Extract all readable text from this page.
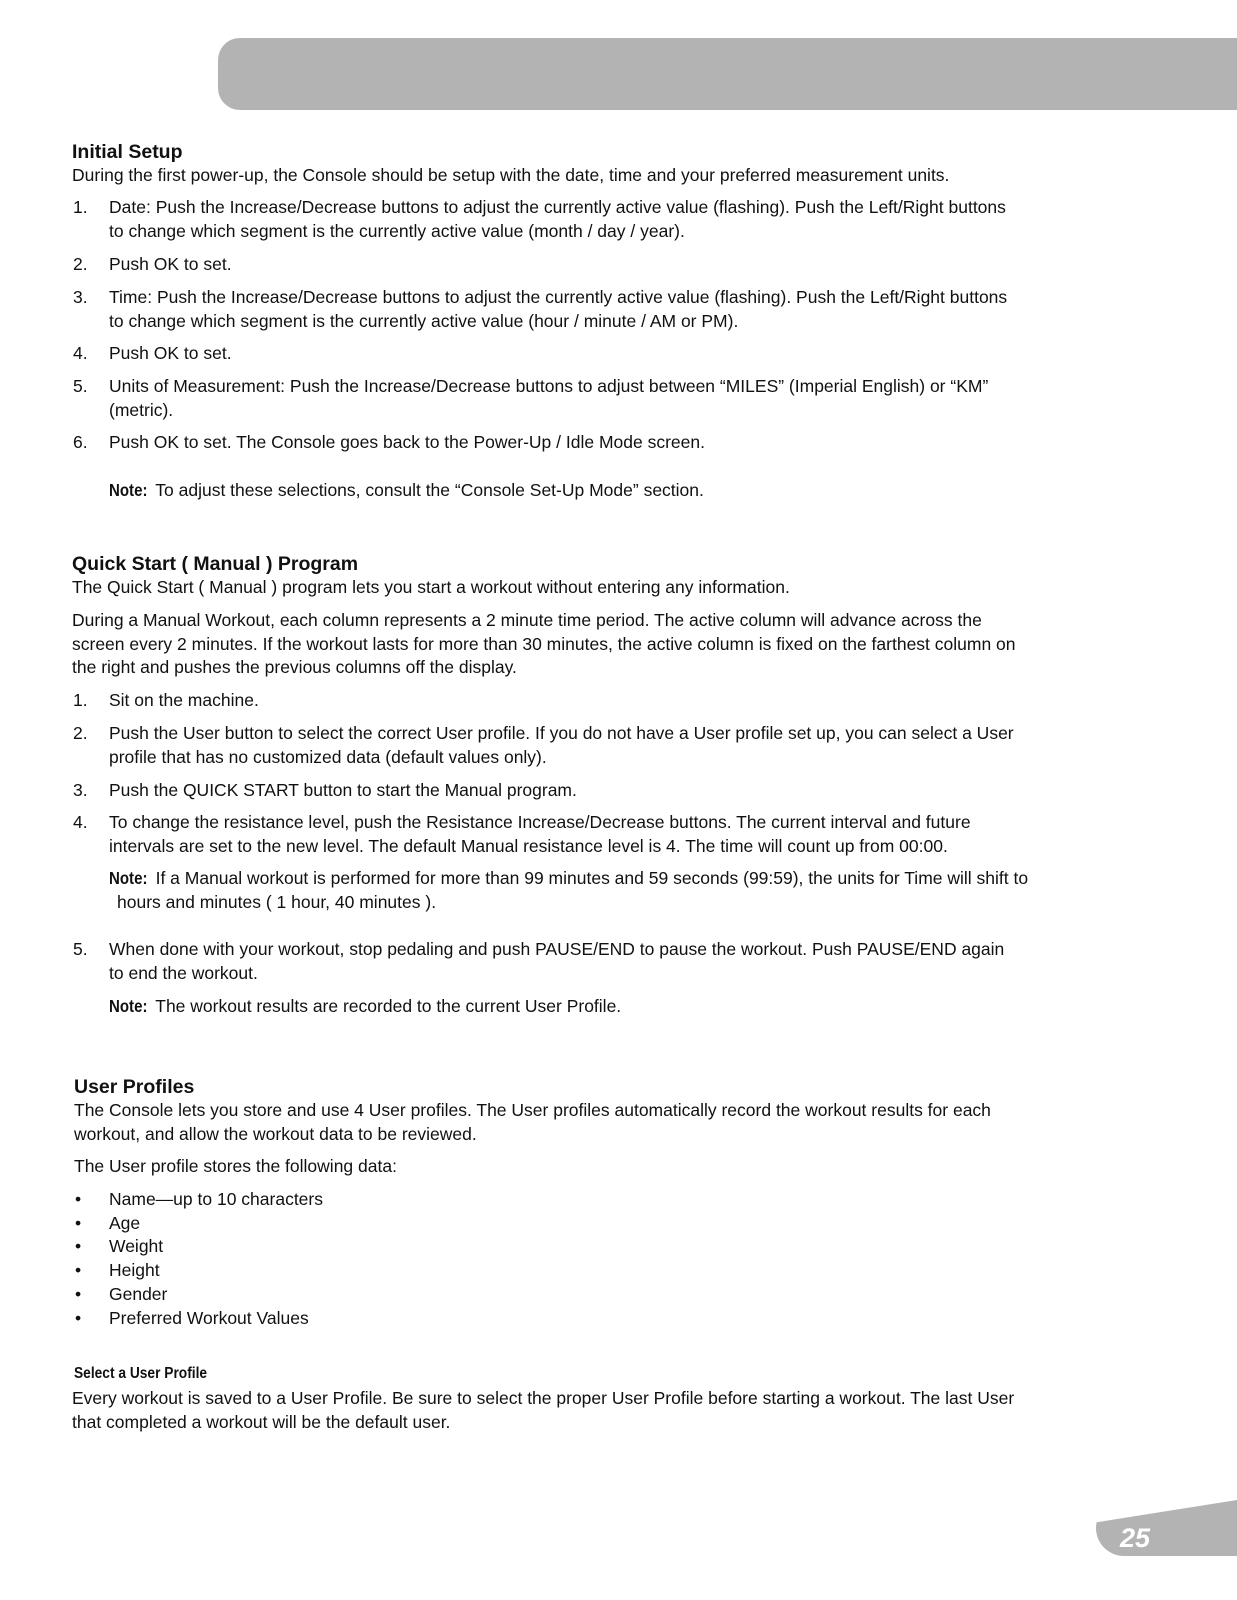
Initial Setup
During the first power-up, the Console should be setup with the date, time and your preferred measurement units.
1. Date: Push the Increase/Decrease buttons to adjust the currently active value (flashing). Push the Left/Right buttons
to change which segment is the currently active value (month / day / year).
2. Push OK to set.
3. Time: Push the Increase/Decrease buttons to adjust the currently active value (flashing). Push the Left/Right buttons
to change which segment is the currently active value (hour / minute / AM or PM).
4. Push OK to set.
5. Units of Measurement: Push the Increase/Decrease buttons to adjust between “MILES” (Imperial English) or “KM”
(metric).
6. Push OK to set. The Console goes back to the Power-Up / Idle Mode screen.
Note: To adjust these selections, consult the “Console Set-Up Mode” section.
Quick Start ( Manual ) Program
The Quick Start ( Manual ) program lets you start a workout without entering any information.
During a Manual Workout, each column represents a 2 minute time period. The active column will advance across the
screen every 2 minutes. If the workout lasts for more than 30 minutes, the active column is fixed on the farthest column on
the right and pushes the previous columns off the display.
1. Sit on the machine.
2. Push the User button to select the correct User profile. If you do not have a User profile set up, you can select a User
profile that has no customized data (default values only).
3. Push the QUICK START button to start the Manual program.
4. To change the resistance level, push the Resistance Increase/Decrease buttons. The current interval and future
intervals are set to the new level. The default Manual resistance level is 4. The time will count up from 00:00.
Note: If a Manual workout is performed for more than 99 minutes and 59 seconds (99:59), the units for Time will shift to
hours and minutes ( 1 hour, 40 minutes ).
5. When done with your workout, stop pedaling and push PAUSE/END to pause the workout. Push PAUSE/END again
to end the workout.
Note: The workout results are recorded to the current User Profile.
User Profiles
The Console lets you store and use 4 User profiles. The User profiles automatically record the workout results for each
workout, and allow the workout data to be reviewed.
The User profile stores the following data:
• Name—up to 10 characters
• Age
• Weight
• Height
• Gender
• Preferred Workout Values
Select a User Profile
Every workout is saved to a User Profile. Be sure to select the proper User Profile before starting a workout. The last User
that completed a workout will be the default user.
25
